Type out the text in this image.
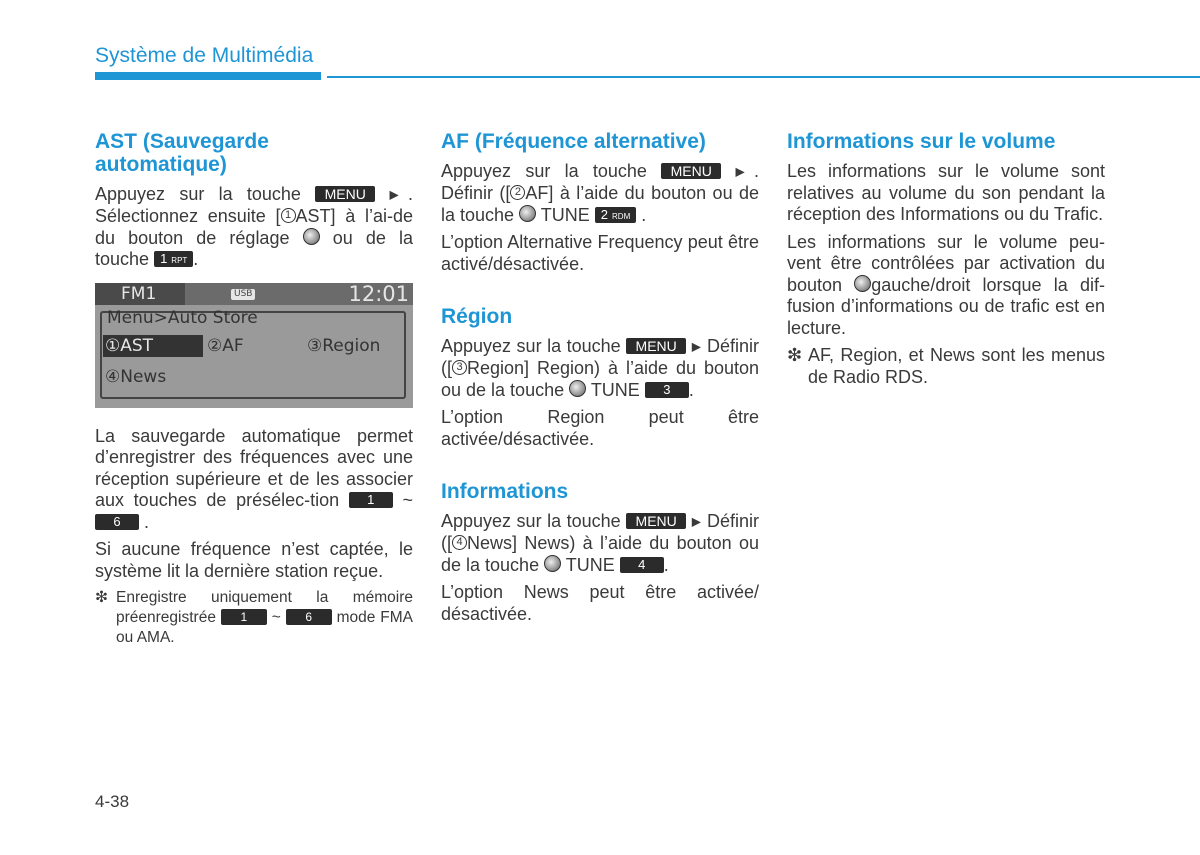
Système de Multimédia
AST (Sauvegarde
automatique)

Appuyez sur la touche MENU ▶. Sélectionnez ensuite [ 1 AST] à l’ai-de du bouton de réglage ou de la touche 1 RPT .

FM1	USB	12:01
Menu>Auto Store
①AST	②AF	③Region
④News

La sauvegarde automatique permet d’enregistrer des fréquences avec une réception supérieure et de les associer aux touches de présélec-tion 1 ~ 6 .

Si aucune fréquence n’est captée, le système lit la dernière station reçue.

❇ Enregistre uniquement la mémoire préenregistrée 1 ~ 6 mode FMA ou AMA.
AF (Fréquence alternative)

Appuyez sur la touche MENU ▶. Définir ([ 2 AF] à l’aide du bouton ou de la touche TUNE 2 RDM .

L’option Alternative Frequency peut être activé/désactivée.

Région

Appuyez sur la touche MENU ▶ Définir ([ 3 Region] Region) à l’aide du bouton ou de la touche TUNE 3 .

L’option Region peut être activée/désactivée.

Informations

Appuyez sur la touche MENU ▶ Définir ([ 4 News] News) à l’aide du bouton ou de la touche TUNE 4 .

L’option News peut être activée/ désactivée.

Informations sur le volume

Les informations sur le volume sont relatives au volume du son pendant la réception des Informations ou du Trafic.

Les informations sur le volume peu-vent être contrôlées par activation du bouton gauche/droit lorsque la dif-fusion d’informations ou de trafic est en lecture.

❇ AF, Region, et News sont les menus de Radio RDS.
4-38
